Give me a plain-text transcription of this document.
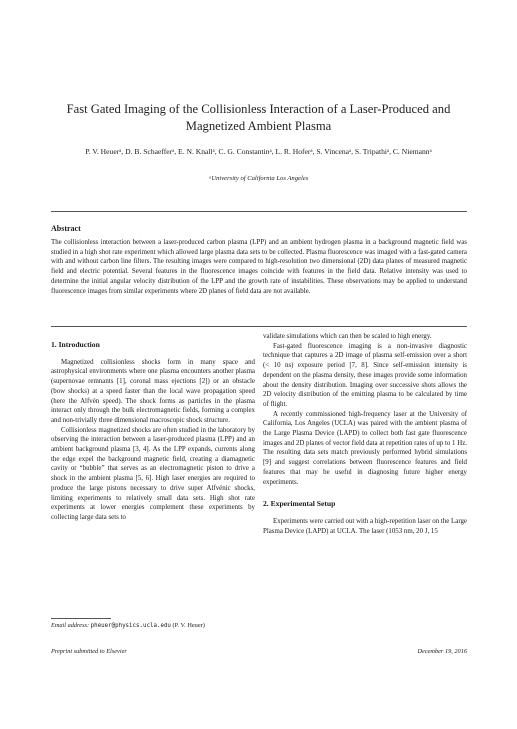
Fast Gated Imaging of the Collisionless Interaction of a Laser-Produced and Magnetized Ambient Plasma
P. V. Heuerᵃ, D. B. Schaefferᵃ, E. N. Knallᵃ, C. G. Constantinᵃ, L. R. Hoferᵃ, S. Vincenaᵃ, S. Tripathiᵃ, C. Niemannᵃ
ᵃUniversity of California Los Angeles
Abstract
The collisionless interaction between a laser-produced carbon plasma (LPP) and an ambient hydrogen plasma in a background magnetic field was studied in a high shot rate experiment which allowed large plasma data sets to be collected. Plasma fluorescence was imaged with a fast-gated camera with and without carbon line filters. The resulting images were compared to high-resolution two dimensional (2D) data planes of measured magnetic field and electric potential. Several features in the fluorescence images coincide with features in the field data. Relative intensity was used to determine the initial angular velocity distribution of the LPP and the growth rate of instabilities. These observations may be applied to understand fluorescence images from similar experiments where 2D planes of field data are not available.
1. Introduction

Magnetized collisionless shocks form in many space and astrophysical environments where one plasma encounters another plasma (supernovae remnants [1], coronal mass ejections [2]) or an obstacle (bow shocks) at a speed faster than the local wave propagation speed (here the Alfvén speed). The shock forms as particles in the plasma interact only through the bulk electromagnetic fields, forming a complex and non-trivially three dimensional macroscopic shock structure.

Collisionless magnetized shocks are often studied in the laboratory by observing the interaction between a laser-produced plasma (LPP) and an ambient background plasma [3, 4]. As the LPP expands, currents along the edge expel the background magnetic field, creating a diamagnetic cavity or “bubble” that serves as an electromagnetic piston to drive a shock in the ambient plasma [5, 6]. High laser energies are required to produce the large pistons necessary to drive super Alfvénic shocks, limiting experiments to relatively small data sets. High shot rate experiments at lower energies complement these experiments by collecting large data sets to

validate simulations which can then be scaled to high energy.

Fast-gated fluorescence imaging is a non-invasive diagnostic technique that captures a 2D image of plasma self-emission over a short (< 10 ns) exposure period [7, 8]. Since self-emission intensity is dependent on the plasma density, these images provide some information about the density distribution. Imaging over successive shots allows the 2D velocity distribution of the emitting plasma to be calculated by time of flight.

A recently commissioned high-frequency laser at the University of California, Los Angeles (UCLA) was paired with the ambient plasma of the Large Plasma Device (LAPD) to collect both fast gate fluorescence images and 2D planes of vector field data at repetition rates of up to 1 Hz. The resulting data sets match previously performed hybrid simulations [9] and suggest correlations between fluorescence features and field features that may be useful in diagnosing future higher energy experiments.

2. Experimental Setup

Experiments were carried out with a high-repetition laser on the Large Plasma Device (LAPD) at UCLA. The laser (1053 nm, 20 J, 15

Email address: pheuer@physics.ucla.edu (P. V. Heuer)
Preprint submitted to Elsevier	December 19, 2016
